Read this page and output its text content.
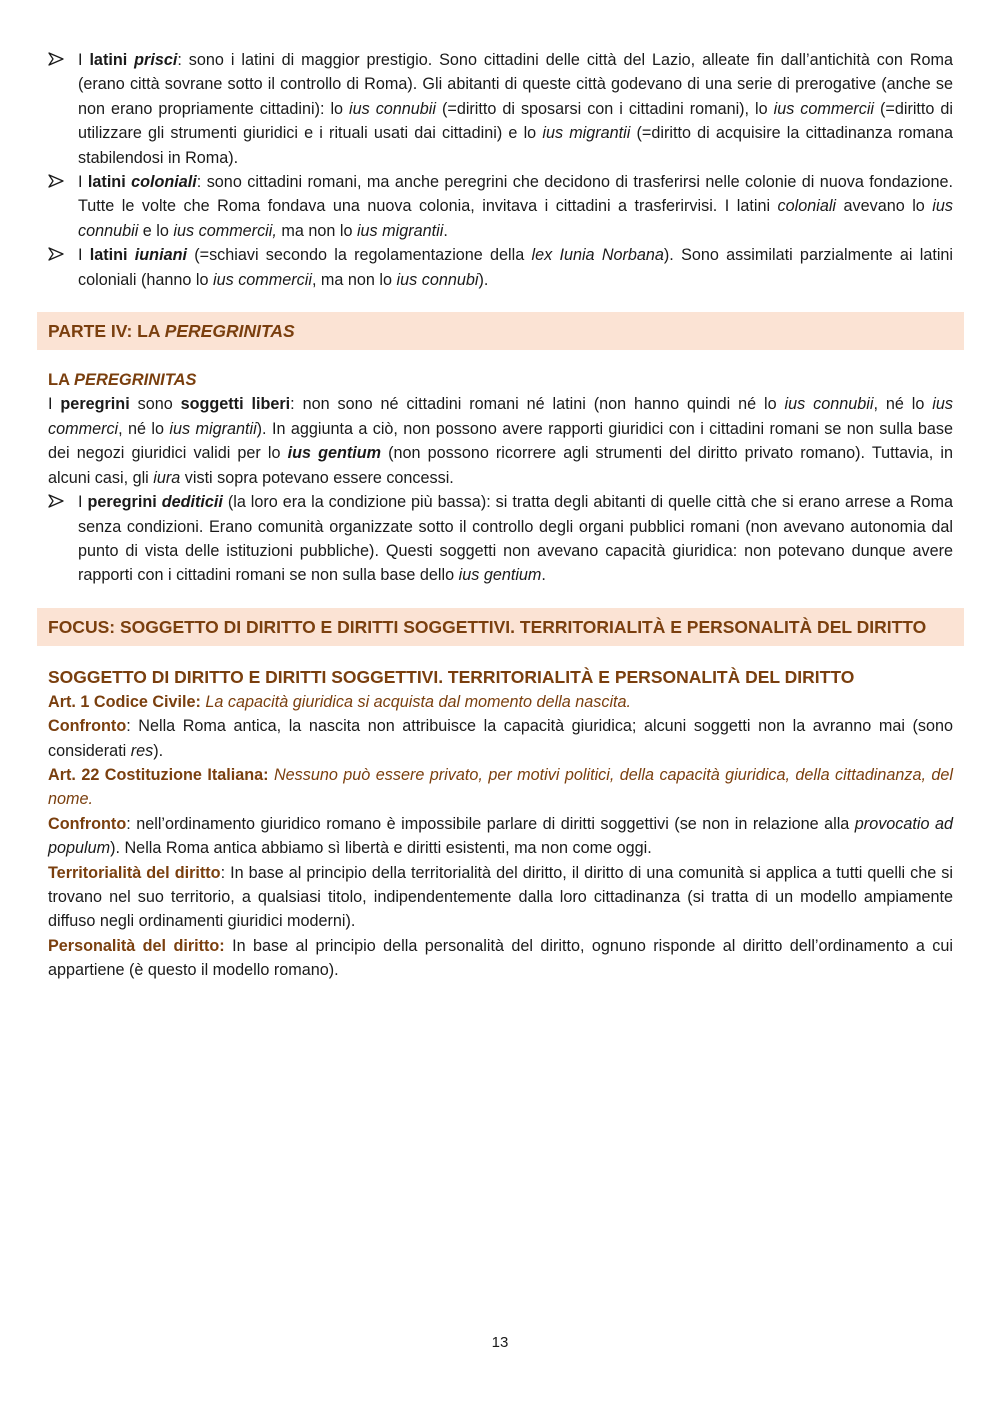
I latini prisci: sono i latini di maggior prestigio. Sono cittadini delle città del Lazio, alleate fin dall’antichità con Roma (erano città sovrane sotto il controllo di Roma). Gli abitanti di queste città godevano di una serie di prerogative (anche se non erano propriamente cittadini): lo ius connubii (=diritto di sposarsi con i cittadini romani), lo ius commercii (=diritto di utilizzare gli strumenti giuridici e i rituali usati dai cittadini) e lo ius migrantii (=diritto di acquisire la cittadinanza romana stabilendosi in Roma).

I latini coloniali: sono cittadini romani, ma anche peregrini che decidono di trasferirsi nelle colonie di nuova fondazione. Tutte le volte che Roma fondava una nuova colonia, invitava i cittadini a trasferirvisi. I latini coloniali avevano lo ius connubii e lo ius commercii, ma non lo ius migrantii.

I latini iuniani (=schiavi secondo la regolamentazione della lex Iunia Norbana). Sono assimilati parzialmente ai latini coloniali (hanno lo ius commercii, ma non lo ius connubi).

PARTE IV: LA PEREGRINITAS
LA PEREGRINITAS

I peregrini sono soggetti liberi: non sono né cittadini romani né latini (non hanno quindi né lo ius connubii, né lo ius commerci, né lo ius migrantii). In aggiunta a ciò, non possono avere rapporti giuridici con i cittadini romani se non sulla base dei negozi giuridici validi per lo ius gentium (non possono ricorrere agli strumenti del diritto privato romano). Tuttavia, in alcuni casi, gli iura visti sopra potevano essere concessi.

I peregrini dediticii (la loro era la condizione più bassa): si tratta degli abitanti di quelle città che si erano arrese a Roma senza condizioni. Erano comunità organizzate sotto il controllo degli organi pubblici romani (non avevano autonomia dal punto di vista delle istituzioni pubbliche). Questi soggetti non avevano capacità giuridica: non potevano dunque avere rapporti con i cittadini romani se non sulla base dello ius gentium.

FOCUS: SOGGETTO DI DIRITTO E DIRITTI SOGGETTIVI. TERRITORIALITÀ E PERSONALITÀ DEL DIRITTO
SOGGETTO DI DIRITTO E DIRITTI SOGGETTIVI. TERRITORIALITÀ E PERSONALITÀ DEL DIRITTO

Art. 1 Codice Civile: La capacità giuridica si acquista dal momento della nascita.

Confronto: Nella Roma antica, la nascita non attribuisce la capacità giuridica; alcuni soggetti non la avranno mai (sono considerati res).

Art. 22 Costituzione Italiana: Nessuno può essere privato, per motivi politici, della capacità giuridica, della cittadinanza, del nome.

Confronto: nell’ordinamento giuridico romano è impossibile parlare di diritti soggettivi (se non in relazione alla provocatio ad populum). Nella Roma antica abbiamo sì libertà e diritti esistenti, ma non come oggi.

Territorialità del diritto: In base al principio della territorialità del diritto, il diritto di una comunità si applica a tutti quelli che si trovano nel suo territorio, a qualsiasi titolo, indipendentemente dalla loro cittadinanza (si tratta di un modello ampiamente diffuso negli ordinamenti giuridici moderni).

Personalità del diritto: In base al principio della personalità del diritto, ognuno risponde al diritto dell’ordinamento a cui appartiene (è questo il modello romano).

13
